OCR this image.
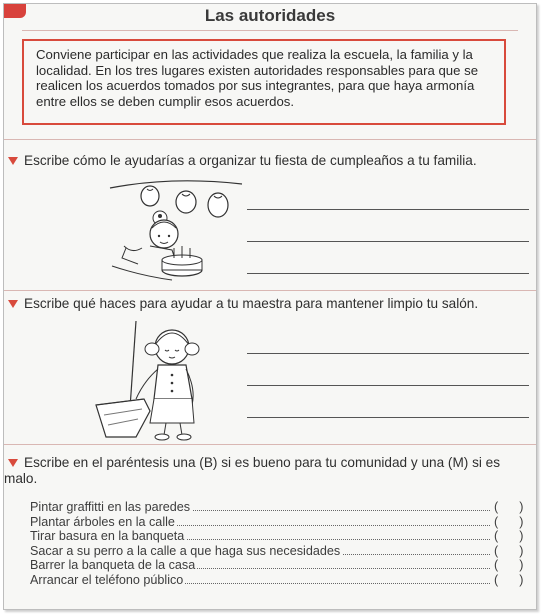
Las autoridades

Conviene participar en las actividades que realiza la escuela, la familia y la localidad. En los tres lugares existen autoridades responsables para que se realicen los acuerdos tomados por sus integrantes, para que haya armonía entre ellos se deben cumplir esos acuerdos.

Escribe cómo le ayudarías a organizar tu fiesta de cumpleaños a tu familia.
Escribe qué haces para ayudar a tu maestra para mantener limpio tu salón.
Escribe en el paréntesis una (B) si es bueno para tu comunidad y una (M) si es malo.
Pintar graffitti en las paredes	( )
Plantar árboles en la calle	( )
Tirar basura en la banqueta	( )
Sacar a su perro a la calle a que haga sus necesidades	( )
Barrer la banqueta de la casa	( )
Arrancar el teléfono público	( )
